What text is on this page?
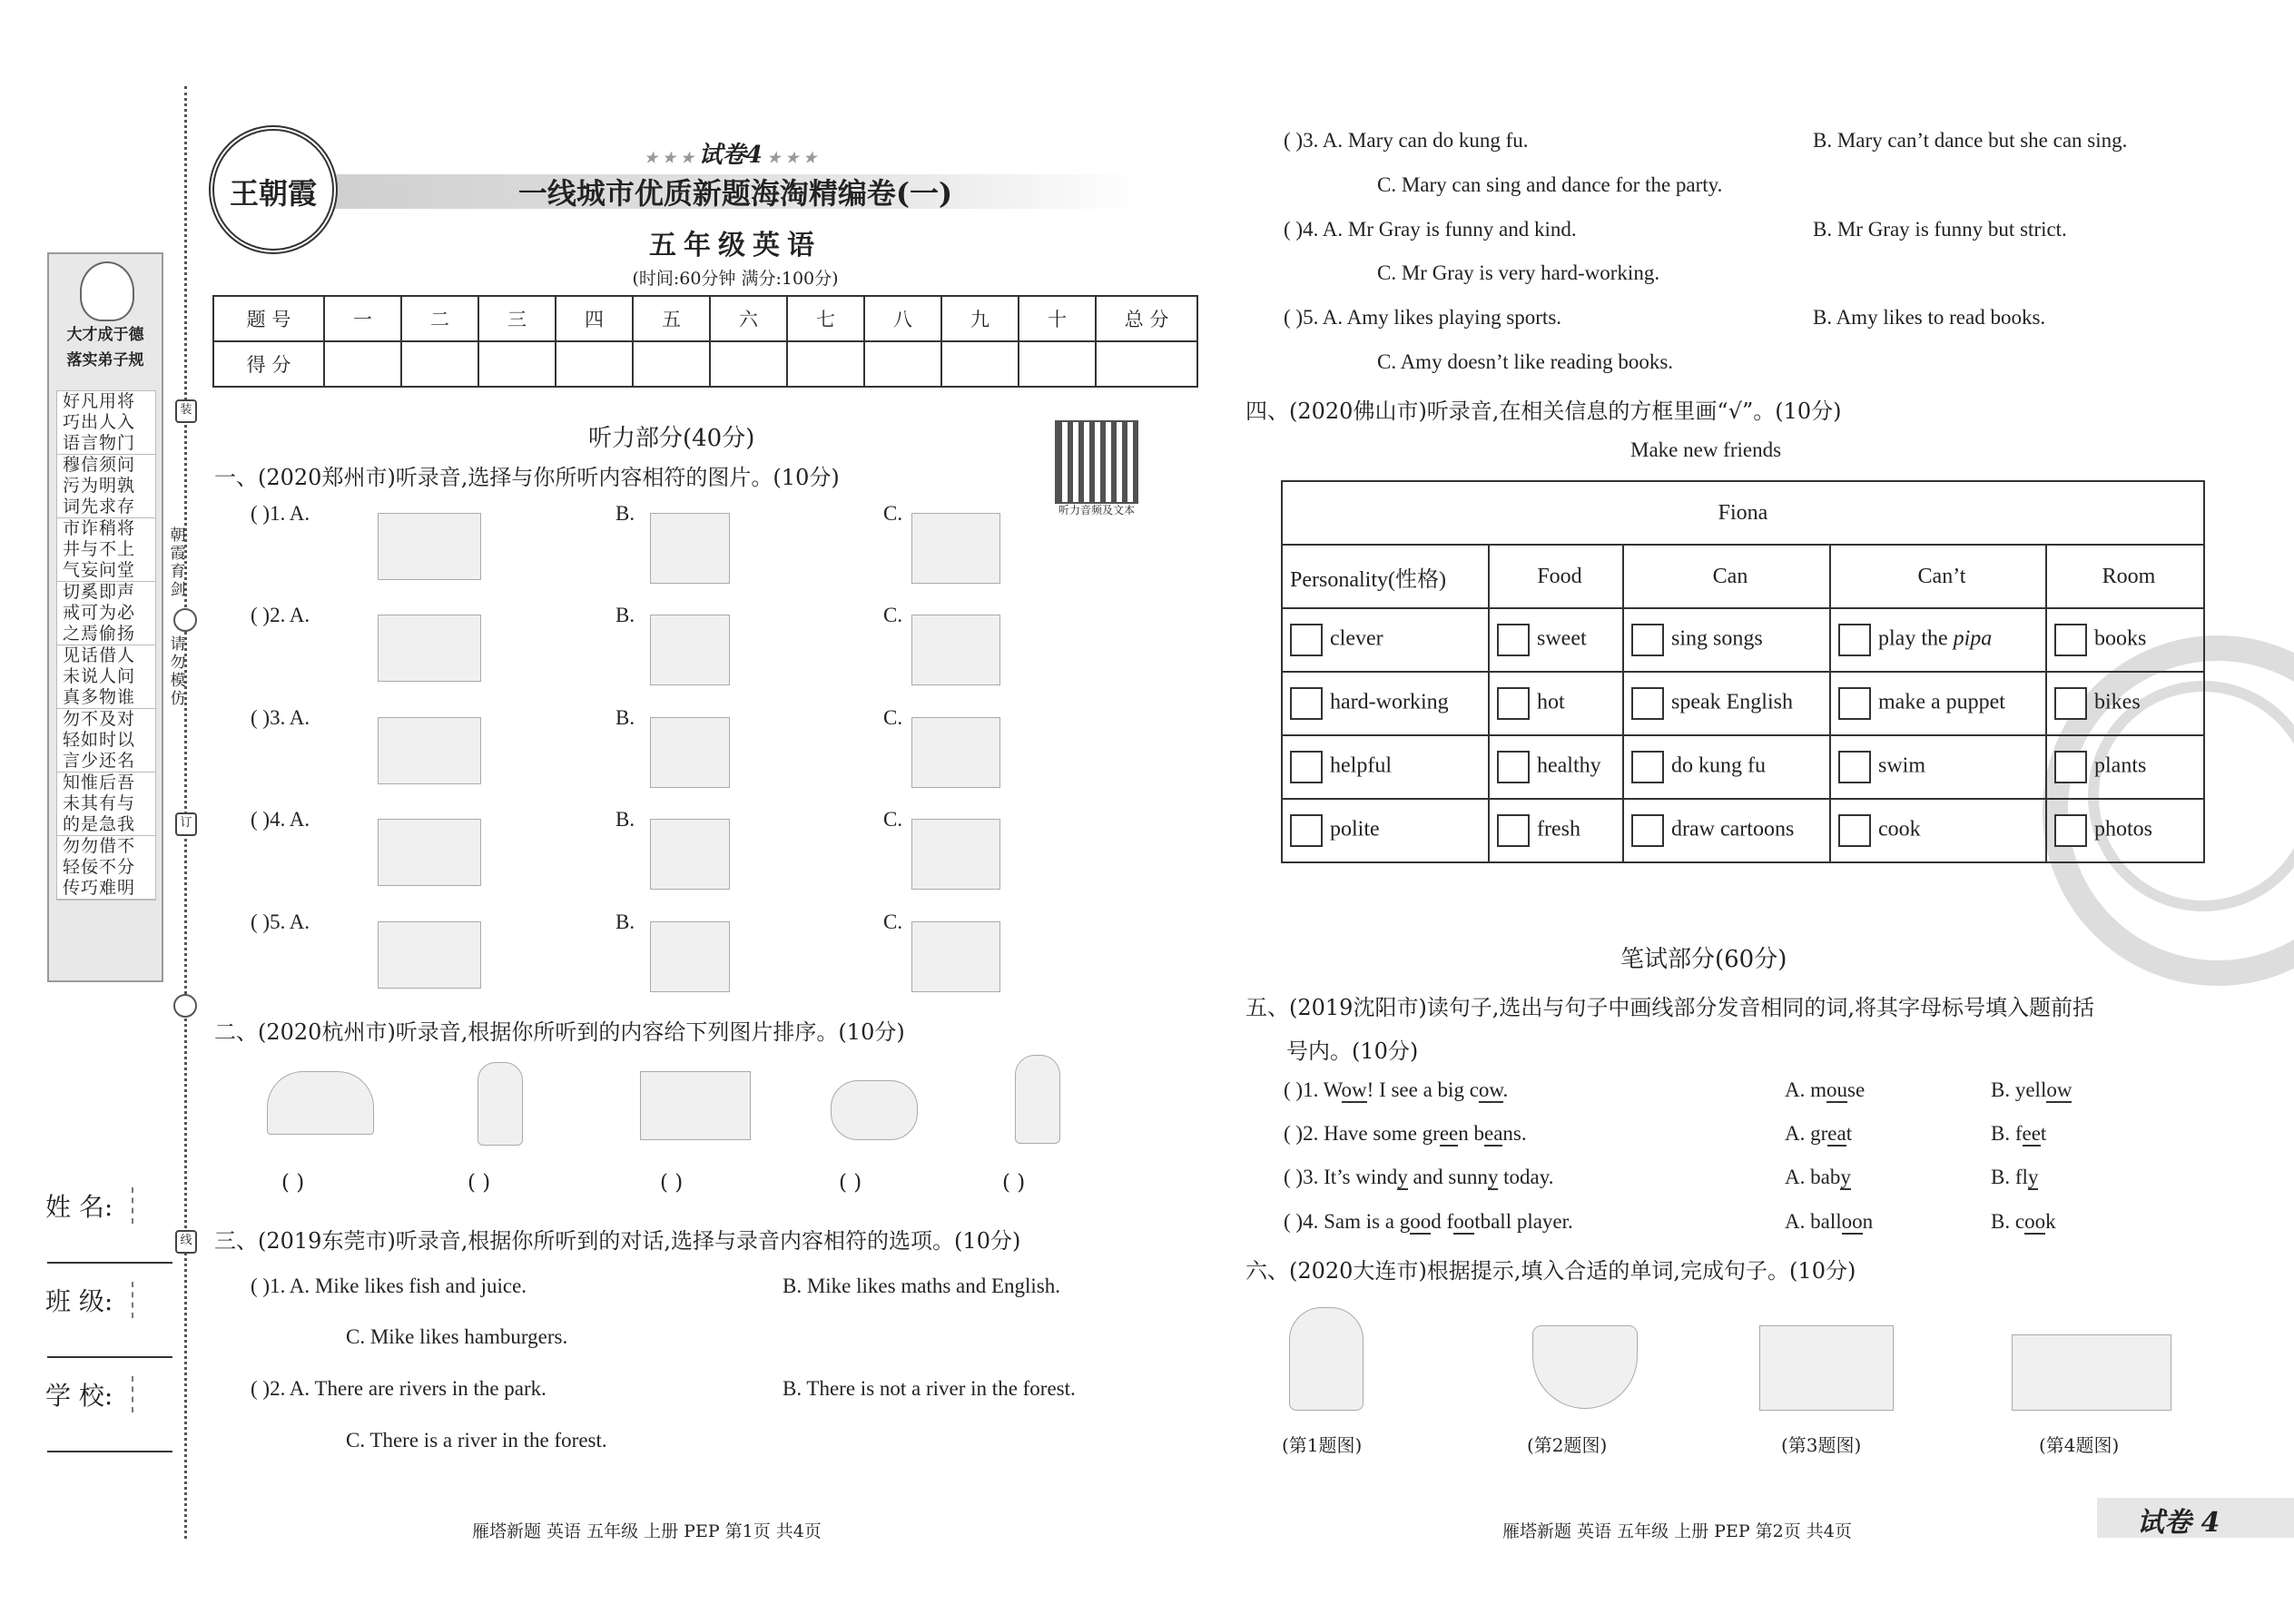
大才成于德
落实弟子规
好凡用将
巧出人入
语言物门
穆信须问
污为明孰
词先求存
市诈稍将
井与不上
气妄问堂
切奚即声
戒可为必
之焉偷扬
见话借人
未说人问
真多物谁
勿不及对
轻如时以
言少还名
知惟后吾
未其有与
的是急我
勿勿借不
轻佞不分
传巧难明
装
朝霞育剑
请勿模仿
订
线
姓 名:
班 级:
学 校:
王朝霞
★ ★ ★ 试卷4 ★ ★ ★
一线城市优质新题海淘精编卷(一)
五年级英语
(时间:60分钟 满分:100分)
题 号	一	二	三	四	五	六	七	八	九	十	总 分
得 分											
听力部分(40分)
听力音频及文本
一、(2020郑州市)听录音,选择与你所听内容相符的图片。(10分)
( )1. A.	B.	C.
( )2. A.	B.	C.
( )3. A.	B.	C.
( )4. A.	B.	C.
( )5. A.	B.	C.
二、(2020杭州市)听录音,根据你所听到的内容给下列图片排序。(10分)
( )	( )	( )	( )	( )
三、(2019东莞市)听录音,根据你所听到的对话,选择与录音内容相符的选项。(10分)
( )1. A. Mike likes fish and juice.	B. Mike likes maths and English.
C. Mike likes hamburgers.
( )2. A. There are rivers in the park.	B. There is not a river in the forest.
C. There is a river in the forest.
雁塔新题 英语 五年级 上册 PEP 第1页 共4页
( )3. A. Mary can do kung fu.	B. Mary can’t dance but she can sing.
C. Mary can sing and dance for the party.
( )4. A. Mr Gray is funny and kind.	B. Mr Gray is funny but strict.
C. Mr Gray is very hard-working.
( )5. A. Amy likes playing sports.	B. Amy likes to read books.
C. Amy doesn’t like reading books.
四、(2020佛山市)听录音,在相关信息的方框里画“√”。(10分)
Make new friends
Fiona				
Personality(性格)	Food	Can	Can’t	Room
clever	sweet	sing songs	play the pipa	books
hard-working	hot	speak English	make a puppet	bikes
helpful	healthy	do kung fu	swim	plants
polite	fresh	draw cartoons	cook	photos
笔试部分(60分)
五、(2019沈阳市)读句子,选出与句子中画线部分发音相同的词,将其字母标号填入题前括
号内。(10分)
( )1. Wow! I see a big cow.	A. mouse	B. yellow
( )2. Have some green beans.	A. great	B. feet
( )3. It’s windy and sunny today.	A. baby	B. fly
( )4. Sam is a good football player.	A. balloon	B. cook
六、(2020大连市)根据提示,填入合适的单词,完成句子。(10分)
(第1题图)	(第2题图)	(第3题图)	(第4题图)
雁塔新题 英语 五年级 上册 PEP 第2页 共4页	试卷 4
